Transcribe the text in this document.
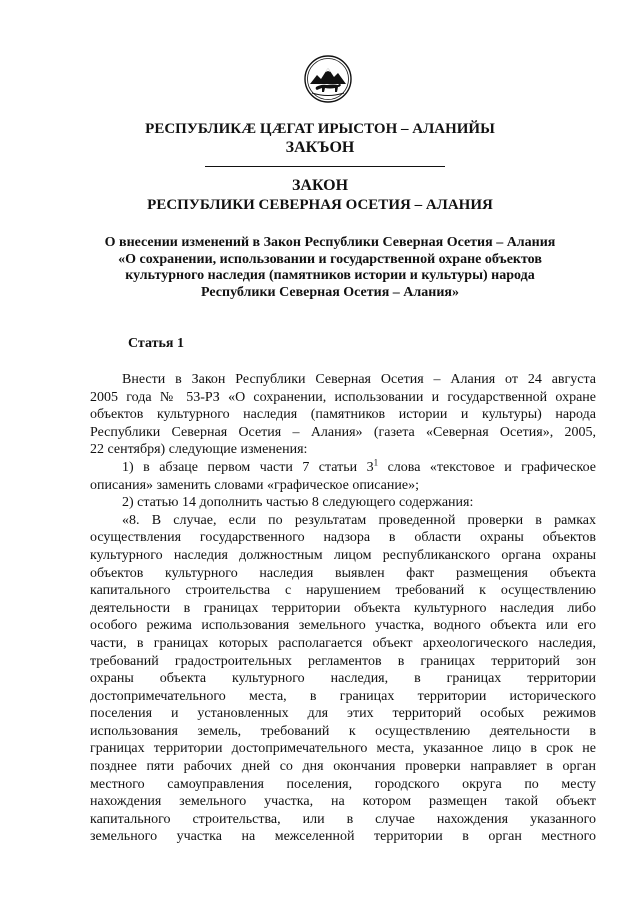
РЕСПУБЛИКӔ ЦӔГАТ ИРЫСТОН – АЛАНИЙЫ
ЗАКЪОН
ЗАКОН
РЕСПУБЛИКИ СЕВЕРНАЯ ОСЕТИЯ – АЛАНИЯ
О внесении изменений в Закон Республики Северная Осетия – Алания
«О сохранении, использовании и государственной охране объектов
культурного наследия (памятников истории и культуры) народа
Республики Северная Осетия – Алания»
Статья 1
Внести в Закон Республики Северная Осетия – Алания от 24 августа
2005 года № 53-РЗ «О сохранении, использовании и государственной охране
объектов культурного наследия (памятников истории и культуры) народа
Республики Северная Осетия – Алания» (газета «Северная Осетия», 2005,
22 сентября) следующие изменения:
1) в абзаце первом части 7 статьи $3^1$ слова «текстовое и графическое
описания» заменить словами «графическое описание»;
2) статью 14 дополнить частью 8 следующего содержания:
«8. В случае, если по результатам проведенной проверки в рамках
осуществления государственного надзора в области охраны объектов
культурного наследия должностным лицом республиканского органа охраны
объектов культурного наследия выявлен факт размещения объекта
капитального строительства с нарушением требований к осуществлению
деятельности в границах территории объекта культурного наследия либо
особого режима использования земельного участка, водного объекта или его
части, в границах которых располагается объект археологического наследия,
требований градостроительных регламентов в границах территорий зон
охраны объекта культурного наследия, в границах территории
достопримечательного места, в границах территории исторического
поселения и установленных для этих территорий особых режимов
использования земель, требований к осуществлению деятельности в
границах территории достопримечательного места, указанное лицо в срок не
позднее пяти рабочих дней со дня окончания проверки направляет в орган
местного самоуправления поселения, городского округа по месту
нахождения земельного участка, на котором размещен такой объект
капитального строительства, или в случае нахождения указанного
земельного участка на межселенной территории в орган местного
